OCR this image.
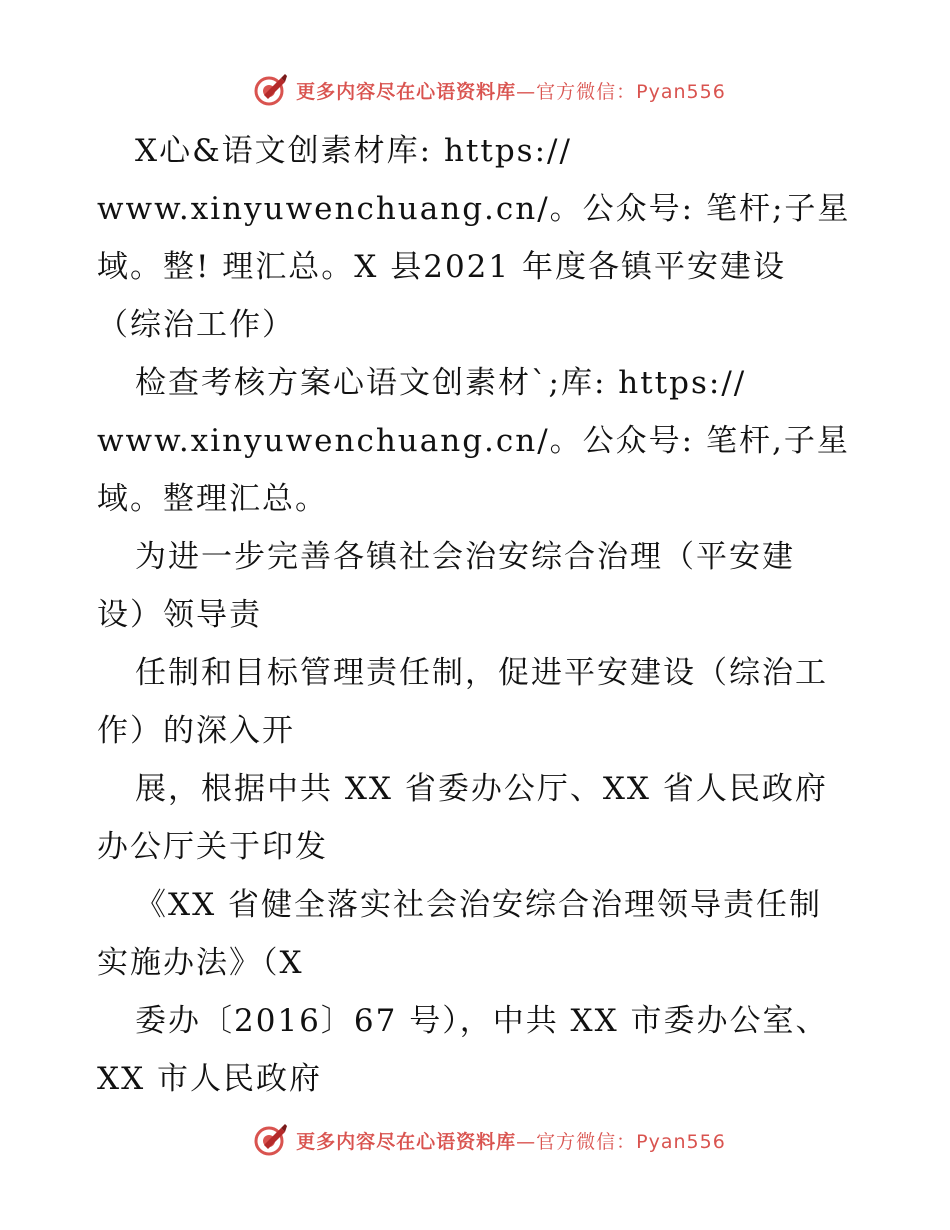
更多内容尽在心语资料库—官方微信：Pyan556
X心&语文创素材库: https://
www.xinyuwenchuang.cn/。公众号: 笔杆;子星
域。整! 理汇总。X 县2021 年度各镇平安建设
（综治工作）
检查考核方案心语文创素材`;库: https://
www.xinyuwenchuang.cn/。公众号: 笔杆,子星
域。整理汇总。
为进一步完善各镇社会治安综合治理（平安建
设）领导责
任制和目标管理责任制，促进平安建设（综治工
作）的深入开
展，根据中共 XX 省委办公厅、XX 省人民政府
办公厅关于印发
《XX 省健全落实社会治安综合治理领导责任制
实施办法》（X
委办〔2016〕67 号），中共 XX 市委办公室、
XX 市人民政府
更多内容尽在心语资料库—官方微信：Pyan556
